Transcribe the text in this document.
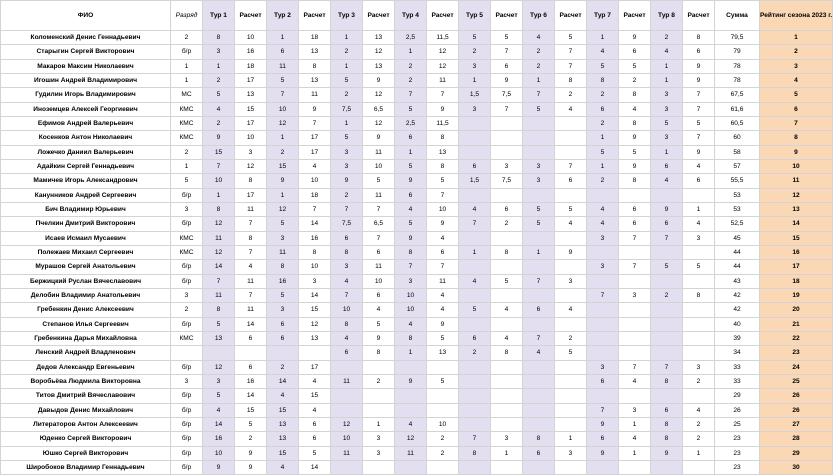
ФИО	Разряд	Тур 1	Расчет	Тур 2	Расчет	Тур 3	Расчет	Тур 4	Расчет	Тур 5	Расчет	Тур 6	Расчет	Тур 7	Расчет	Тур 8	Расчет	Сумма	Рейтинг сезона 2023 г.
Коломенский Денис Геннадьевич	2	8	10	1	18	1	13	2,5	11,5	5	5	4	5	1	9	2	8	79,5	1
Старыгин Сергей Викторович	б/р	3	16	6	13	2	12	1	12	2	7	2	7	4	6	4	6	79	2
Макаров Максим Николаевич	1	1	18	11	8	1	13	2	12	3	6	2	7	5	5	1	9	78	3
Игошин Андрей Владимирович	1	2	17	5	13	5	9	2	11	1	9	1	8	8	2	1	9	78	4
Гудилин Игорь Владимирович	МС	5	13	7	11	2	12	7	7	1,5	7,5	7	2	2	8	3	7	67,5	5
Иноземцев Алексей Георгиевич	КМС	4	15	10	9	7,5	6,5	5	9	3	7	5	4	6	4	3	7	61,6	6
Ефимов Андрей Валерьевич	КМС	2	17	12	7	1	12	2,5	11,5					2	8	5	5	60,5	7
Косенков Антон Николаевич	КМС	9	10	1	17	5	9	6	8					1	9	3	7	60	8
Ложечко Даниил Валерьевич	2	15	3	2	17	3	11	1	13					5	5	1	9	58	9
Адайкин Сергей Геннадьевич	1	7	12	15	4	3	10	5	8	6	3	3	7	1	9	6	4	57	10
Мамичев Игорь Александрович	5	10	8	9	10	9	5	9	5	1,5	7,5	3	6	2	8	4	6	55,5	11
Канунников Андрей Сергеевич	б/р	1	17	1	18	2	11	6	7									53	12
Бич Владимир Юрьевич	3	8	11	12	7	7	7	4	10	4	6	5	5	4	6	9	1	53	13
Пчелкин Дмитрий Викторович	б/р	12	7	5	14	7,5	6,5	5	9	7	2	5	4	4	6	6	4	52,5	14
Исаев Исмаил Мусаевич	КМС	11	8	3	16	6	7	9	4					3	7	7	3	45	15
Полежаев Михаил Сергеевич	КМС	12	7	11	8	8	6	8	6	1	8	1	9					44	16
Мурашов Сергей Анатольевич	б/р	14	4	8	10	3	11	7	7					3	7	5	5	44	17
Бержицкий Руслан Вячеславович	б/р	7	11	16	3	4	10	3	11	4	5	7	3					43	18
Делобин Владимир Анатольевич	3	11	7	5	14	7	6	10	4					7	3	2	8	42	19
Гребенкин Денис Алексеевич	2	8	11	3	15	10	4	10	4	5	4	6	4					42	20
Степанов Илья Сергеевич	б/р	5	14	6	12	8	5	4	9									40	21
Гребенкина Дарья Михайловна	КМС	13	6	6	13	4	9	8	5	6	4	7	2					39	22
Ленский Андрей Владленович						6	8	1	13	2	8	4	5					34	23
Дедов Александр Евгеньевич	б/р	12	6	2	17									3	7	7	3	33	24
Воробьёва Людмила Викторовна	3	3	16	14	4	11	2	9	5					6	4	8	2	33	25
Титов Дмитрий Вячеславович	б/р	5	14	4	15													29	26
Давыдов Денис Михайлович	б/р	4	15	15	4									7	3	6	4	26	26
Литераторов Антон Алексеевич	б/р	14	5	13	6	12	1	4	10					9	1	8	2	25	27
Юденко Сергей Викторович	б/р	16	2	13	6	10	3	12	2	7	3	8	1	6	4	8	2	23	28
Юшко Сергей Викторович	б/р	10	9	15	5	11	3	11	2	8	1	6	3	9	1	9	1	23	29
Широбоков Владимир Геннадьевич	б/р	9	9	4	14													23	30
